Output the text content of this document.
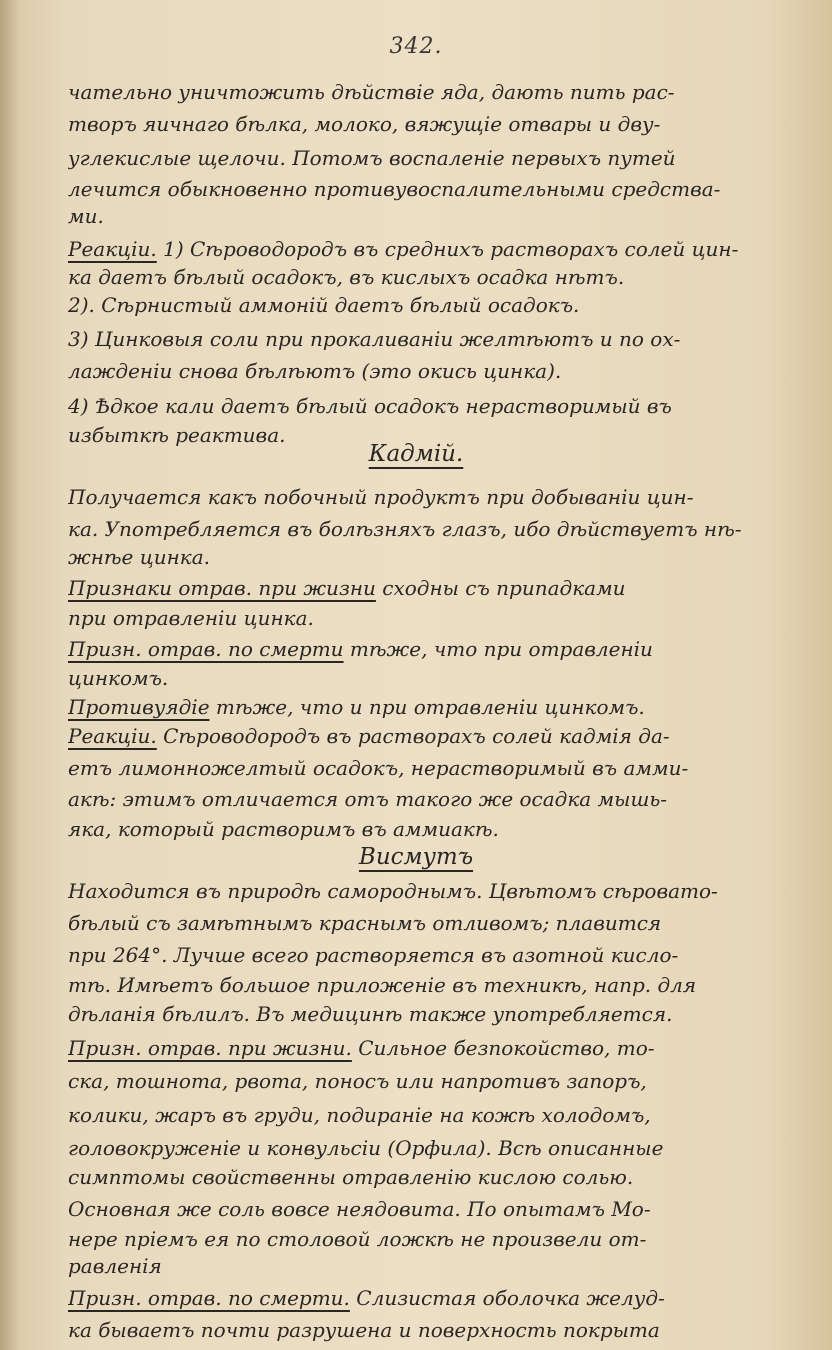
342.
чательно уничтожить дѣйствіе яда, дають пить рас-
творъ яичнаго бѣлка, молоко, вяжущіе отвары и дву-
углекислые щелочи. Потомъ воспаленіе первыхъ путей
лечится обыкновенно противувоспалительными средства-
ми.
Реакціи. 1) Сѣроводородъ въ среднихъ растворахъ солей цин-
ка даетъ бѣлый осадокъ, въ кислыхъ осадка нѣтъ.
2). Сѣрнистый аммоній даетъ бѣлый осадокъ.
3) Цинковыя соли при прокаливаніи желтѣютъ и по ох-
лажденіи снова бѣлѣютъ (это окись цинка).
4) Ѣдкое кали даетъ бѣлый осадокъ нерастворимый въ
избыткѣ реактива.
Кадмій.
Получается какъ побочный продуктъ при добываніи цин-
ка. Употребляется въ болѣзняхъ глазъ, ибо дѣйствуетъ нѣ-
жнѣе цинка.
Признаки отрав. при жизни сходны съ припадками
при отравленіи цинка.
Призн. отрав. по смерти тѣже, что при отравленіи
цинкомъ.
Противуядіе тѣже, что и при отравленіи цинкомъ.
Реакціи. Сѣроводородъ въ растворахъ солей кадмія да-
етъ лимонножелтый осадокъ, нерастворимый въ амми-
акѣ: этимъ отличается отъ такого же осадка мышь-
яка, который растворимъ въ аммиакѣ.
Висмутъ
Находится въ природѣ самороднымъ. Цвѣтомъ сѣровато-
бѣлый съ замѣтнымъ краснымъ отливомъ; плавится
при 264°. Лучше всего растворяется въ азотной кисло-
тѣ. Имѣетъ большое приложеніе въ техникѣ, напр. для
дѣланія бѣлилъ. Въ медицинѣ также употребляется.
Призн. отрав. при жизни. Сильное безпокойство, то-
ска, тошнота, рвота, поносъ или напротивъ запоръ,
колики, жаръ въ груди, подираніе на кожѣ холодомъ,
головокруженіе и конвульсіи (Орфила). Всѣ описанные
симптомы свойственны отравленію кислою солью.
Основная же соль вовсе неядовита. По опытамъ Мо-
нере пріемъ ея по столовой ложкѣ не произвели от-
равленія
Призн. отрав. по смерти. Слизистая оболочка желуд-
ка бываетъ почти разрушена и поверхность покрыта
